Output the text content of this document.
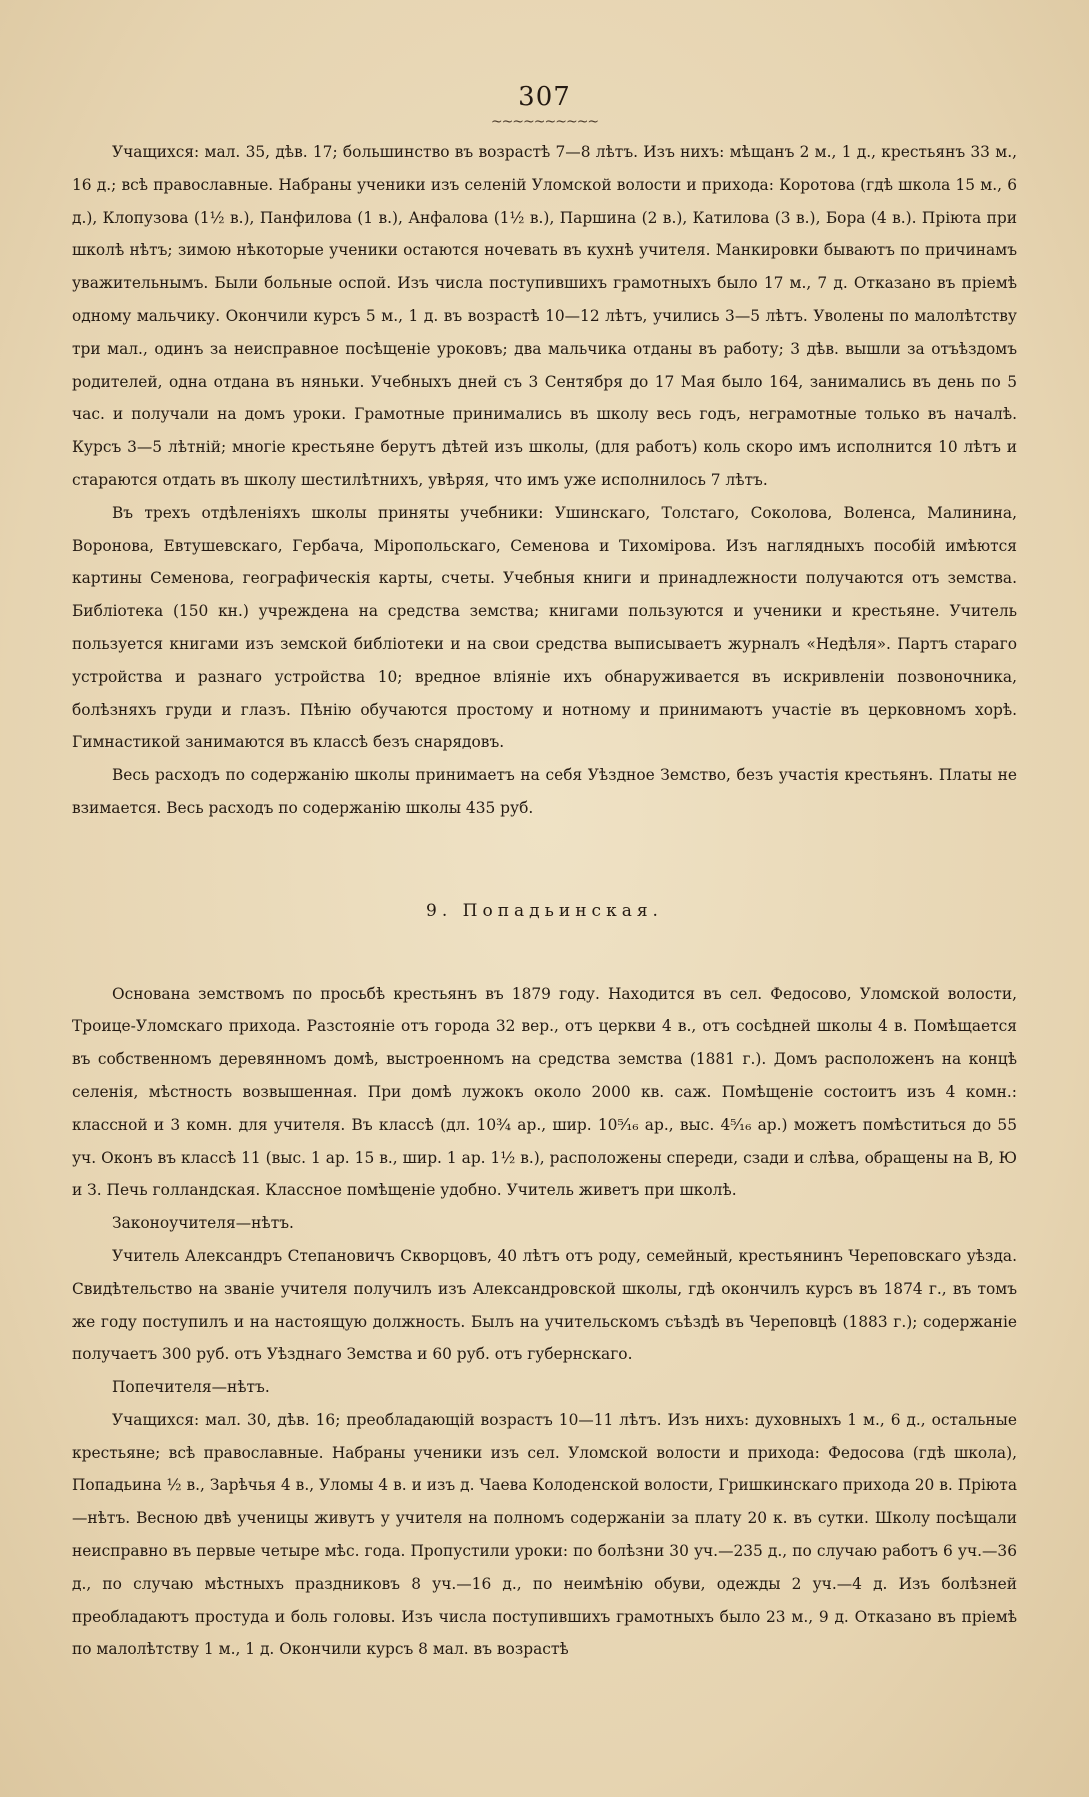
307
~~~~~~~~~~

Учащихся: мал. 35, дѣв. 17; большинство въ возрастѣ 7—8 лѣтъ. Изъ нихъ: мѣщанъ 2 м., 1 д., крестьянъ 33 м., 16 д.; всѣ православные. Набраны ученики изъ селеній Уломской волости и прихода: Коротова (гдѣ школа 15 м., 6 д.), Клопузова (1½ в.), Панфилова (1 в.), Анфалова (1½ в.), Паршина (2 в.), Катилова (3 в.), Бора (4 в.). Пріюта при школѣ нѣтъ; зимою нѣкоторые ученики остаются ночевать въ кухнѣ учителя. Манкировки бываютъ по причинамъ уважительнымъ. Были больные оспой. Изъ числа поступившихъ грамотныхъ было 17 м., 7 д. Отказано въ пріемѣ одному мальчику. Окончили курсъ 5 м., 1 д. въ возрастѣ 10—12 лѣтъ, учились 3—5 лѣтъ. Уволены по малолѣтству три мал., одинъ за неисправное посѣщеніе уроковъ; два мальчика отданы въ работу; 3 дѣв. вышли за отъѣздомъ родителей, одна отдана въ няньки. Учебныхъ дней съ 3 Сентября до 17 Мая было 164, занимались въ день по 5 час. и получали на домъ уроки. Грамотные принимались въ школу весь годъ, неграмотные только въ началѣ. Курсъ 3—5 лѣтній; многіе крестьяне берутъ дѣтей изъ школы, (для работъ) коль скоро имъ исполнится 10 лѣтъ и стараются отдать въ школу шестилѣтнихъ, увѣряя, что имъ уже исполнилось 7 лѣтъ.

Въ трехъ отдѣленіяхъ школы приняты учебники: Ушинскаго, Толстаго, Соколова, Воленса, Малинина, Воронова, Евтушевскаго, Гербача, Міропольскаго, Семенова и Тихомірова. Изъ наглядныхъ пособій имѣются картины Семенова, географическія карты, счеты. Учебныя книги и принадлежности получаются отъ земства. Библіотека (150 кн.) учреждена на средства земства; книгами пользуются и ученики и крестьяне. Учитель пользуется книгами изъ земской библіотеки и на свои средства выписываетъ журналъ «Недѣля». Партъ стараго устройства и разнаго устройства 10; вредное вліяніе ихъ обнаруживается въ искривленіи позвоночника, болѣзняхъ груди и глазъ. Пѣнію обучаются простому и нотному и принимаютъ участіе въ церковномъ хорѣ. Гимнастикой занимаются въ классѣ безъ снарядовъ.

Весь расходъ по содержанію школы принимаетъ на себя Уѣздное Земство, безъ участія крестьянъ. Платы не взимается. Весь расходъ по содержанію школы 435 руб.

9. Попадьинская.

Основана земствомъ по просьбѣ крестьянъ въ 1879 году. Находится въ сел. Федосово, Уломской волости, Троице-Уломскаго прихода. Разстояніе отъ города 32 вер., отъ церкви 4 в., отъ сосѣдней школы 4 в. Помѣщается въ собственномъ деревянномъ домѣ, выстроенномъ на средства земства (1881 г.). Домъ расположенъ на концѣ селенія, мѣстность возвышенная. При домѣ лужокъ около 2000 кв. саж. Помѣщеніе состоитъ изъ 4 комн.: классной и 3 комн. для учителя. Въ классѣ (дл. 10¾ ар., шир. 10⁵⁄₁₆ ар., выс. 4⁵⁄₁₆ ар.) можетъ помѣститься до 55 уч. Оконъ въ классѣ 11 (выс. 1 ар. 15 в., шир. 1 ар. 1½ в.), расположены спереди, сзади и слѣва, обращены на В, Ю и З. Печь голландская. Классное помѣщеніе удобно. Учитель живетъ при школѣ.

Законоучителя—нѣтъ.

Учитель Александръ Степановичъ Скворцовъ, 40 лѣтъ отъ роду, семейный, крестьянинъ Череповскаго уѣзда. Свидѣтельство на званіе учителя получилъ изъ Александровской школы, гдѣ окончилъ курсъ въ 1874 г., въ томъ же году поступилъ и на настоящую должность. Былъ на учительскомъ съѣздѣ въ Череповцѣ (1883 г.); содержаніе получаетъ 300 руб. отъ Уѣзднаго Земства и 60 руб. отъ губернскаго.

Попечителя—нѣтъ.

Учащихся: мал. 30, дѣв. 16; преобладающій возрастъ 10—11 лѣтъ. Изъ нихъ: духовныхъ 1 м., 6 д., остальные крестьяне; всѣ православные. Набраны ученики изъ сел. Уломской волости и прихода: Федосова (гдѣ школа), Попадьина ½ в., Зарѣчья 4 в., Уломы 4 в. и изъ д. Чаева Колоденской волости, Гришкинскаго прихода 20 в. Пріюта—нѣтъ. Весною двѣ ученицы живутъ у учителя на полномъ содержаніи за плату 20 к. въ сутки. Школу посѣщали неисправно въ первые четыре мѣс. года. Пропустили уроки: по болѣзни 30 уч.—235 д., по случаю работъ 6 уч.—36 д., по случаю мѣстныхъ праздниковъ 8 уч.—16 д., по неимѣнію обуви, одежды 2 уч.—4 д. Изъ болѣзней преобладаютъ простуда и боль головы. Изъ числа поступившихъ грамотныхъ было 23 м., 9 д. Отказано въ пріемѣ по малолѣтству 1 м., 1 д. Окончили курсъ 8 мал. въ возрастѣ
